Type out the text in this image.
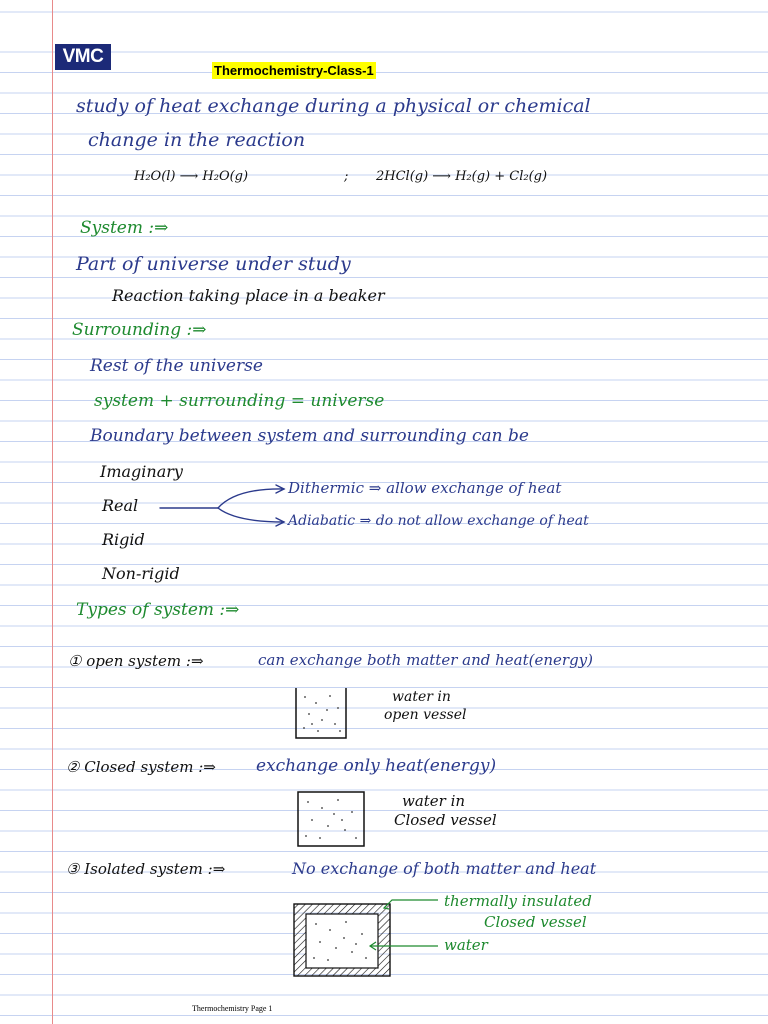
VMC
Thermochemistry-Class-1
study of heat exchange during a physical or chemical
change in the reaction
H₂O(l) ⟶ H₂O(g)	; 2HCl(g) ⟶ H₂(g) + Cl₂(g)
System :⇒
Part of universe under study
Reaction taking place in a beaker
Surrounding :⇒
Rest of the universe
system + surrounding = universe
Boundary between system and surrounding can be
Imaginary
Real
Rigid
Non-rigid
Dithermic ⇒ allow exchange of heat
Adiabatic ⇒ do not allow exchange of heat
Types of system :⇒
① open system :⇒	can exchange both matter and heat(energy)
water in
open vessel
② Closed system :⇒ exchange only heat(energy)
water in
Closed vessel
③ Isolated system :⇒	No exchange of both matter and heat
thermally insulated
Closed vessel
water
Thermochemistry Page 1
